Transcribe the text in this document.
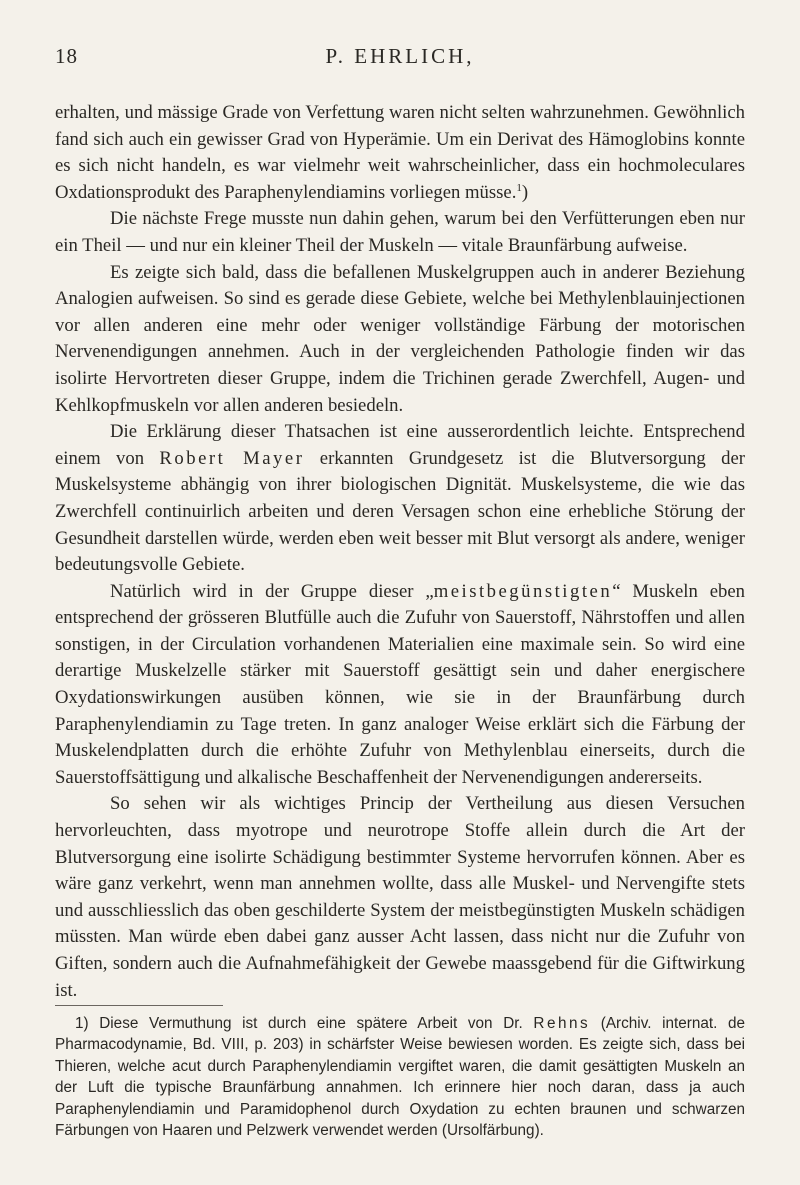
18	P. EHRLICH,

erhalten, und mässige Grade von Verfettung waren nicht selten wahrzunehmen. Gewöhnlich fand sich auch ein gewisser Grad von Hyperämie. Um ein Derivat des Hämoglobins konnte es sich nicht handeln, es war vielmehr weit wahrscheinlicher, dass ein hochmoleculares Oxdationsprodukt des Paraphenylendiamins vorliegen müsse.$^1$)

Die nächste Frege musste nun dahin gehen, warum bei den Verfütterungen eben nur ein Theil — und nur ein kleiner Theil der Muskeln — vitale Braunfärbung aufweise.

Es zeigte sich bald, dass die befallenen Muskelgruppen auch in anderer Beziehung Analogien aufweisen. So sind es gerade diese Gebiete, welche bei Methylenblauinjectionen vor allen anderen eine mehr oder weniger vollständige Färbung der motorischen Nervenendigungen annehmen. Auch in der vergleichenden Pathologie finden wir das isolirte Hervortreten dieser Gruppe, indem die Trichinen gerade Zwerchfell, Augen- und Kehlkopfmuskeln vor allen anderen besiedeln.

Die Erklärung dieser Thatsachen ist eine ausserordentlich leichte. Entsprechend einem von Robert Mayer erkannten Grundgesetz ist die Blutversorgung der Muskelsysteme abhängig von ihrer biologischen Dignität. Muskelsysteme, die wie das Zwerchfell continuirlich arbeiten und deren Versagen schon eine erhebliche Störung der Gesundheit darstellen würde, werden eben weit besser mit Blut versorgt als andere, weniger bedeutungsvolle Gebiete.

Natürlich wird in der Gruppe dieser „meistbegünstigten“ Muskeln eben entsprechend der grösseren Blutfülle auch die Zufuhr von Sauerstoff, Nährstoffen und allen sonstigen, in der Circulation vorhandenen Materialien eine maximale sein. So wird eine derartige Muskelzelle stärker mit Sauerstoff gesättigt sein und daher energischere Oxydationswirkungen ausüben können, wie sie in der Braunfärbung durch Paraphenylendiamin zu Tage treten. In ganz analoger Weise erklärt sich die Färbung der Muskelendplatten durch die erhöhte Zufuhr von Methylenblau einerseits, durch die Sauerstoffsättigung und alkalische Beschaffenheit der Nervenendigungen andererseits.

So sehen wir als wichtiges Princip der Vertheilung aus diesen Versuchen hervorleuchten, dass myotrope und neurotrope Stoffe allein durch die Art der Blutversorgung eine isolirte Schädigung bestimmter Systeme hervorrufen können. Aber es wäre ganz verkehrt, wenn man annehmen wollte, dass alle Muskel- und Nervengifte stets und ausschliesslich das oben geschilderte System der meistbegünstigten Muskeln schädigen müssten. Man würde eben dabei ganz ausser Acht lassen, dass nicht nur die Zufuhr von Giften, sondern auch die Aufnahmefähigkeit der Gewebe maassgebend für die Giftwirkung ist.

1) Diese Vermuthung ist durch eine spätere Arbeit von Dr. Rehns (Archiv. internat. de Pharmacodynamie, Bd. VIII, p. 203) in schärfster Weise bewiesen worden. Es zeigte sich, dass bei Thieren, welche acut durch Paraphenylendiamin vergiftet waren, die damit gesättigten Muskeln an der Luft die typische Braunfärbung annahmen. Ich erinnere hier noch daran, dass ja auch Paraphenylendiamin und Paramidophenol durch Oxydation zu echten braunen und schwarzen Färbungen von Haaren und Pelzwerk verwendet werden (Ursolfärbung).
